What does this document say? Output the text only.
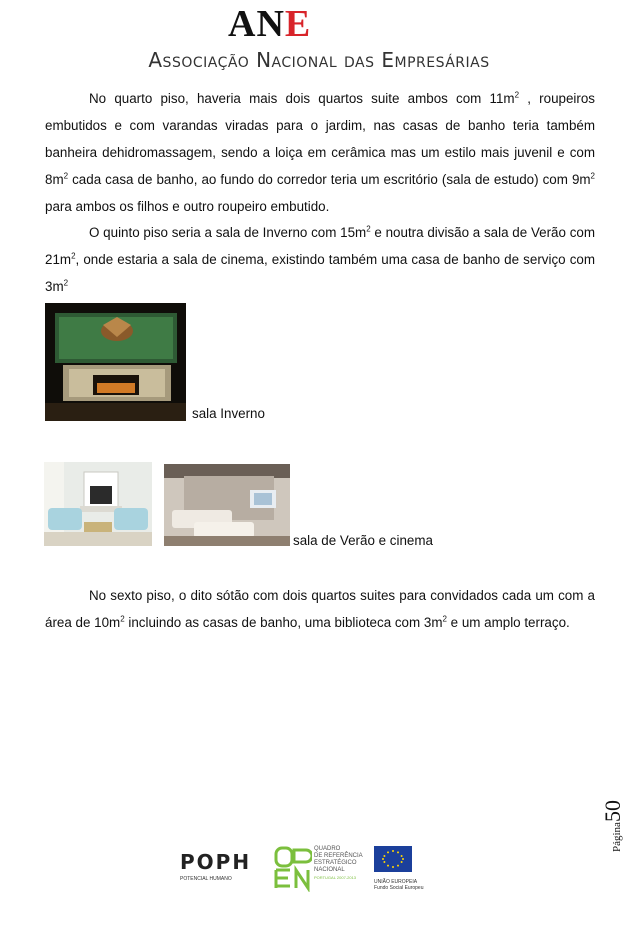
ANE
Associação Nacional das Empresárias
No quarto piso, haveria mais dois quartos suite ambos com $11m^2$ , roupeiros embutidos e com varandas viradas para o jardim, nas casas de banho teria também banheira dehidromassagem, sendo a loiça em cerâmica mas um estilo mais juvenil e com $8m^2$ cada casa de banho, ao fundo do corredor teria um escritório (sala de estudo) com $9m^2$ para ambos os filhos e outro roupeiro embutido.
O quinto piso seria a sala de Inverno com $15m^2$ e noutra divisão a sala de Verão com $21m^2$, onde estaria a sala de cinema, existindo também uma casa de banho de serviço com $3m^2$
sala Inverno
sala de Verão e cinema
No sexto piso, o dito sótão com dois quartos suites para convidados cada um com a área de $10m^2$ incluindo as casas de banho, uma biblioteca com $3m^2$ e um amplo terraço.
Página50
POPH
POTENCIAL HUMANO
QUADRO
DE REFERÊNCIA
ESTRATÉGICO
NACIONAL
PORTUGAL 2007-2013
UNIÃO EUROPEIA
Fundo Social Europeu
